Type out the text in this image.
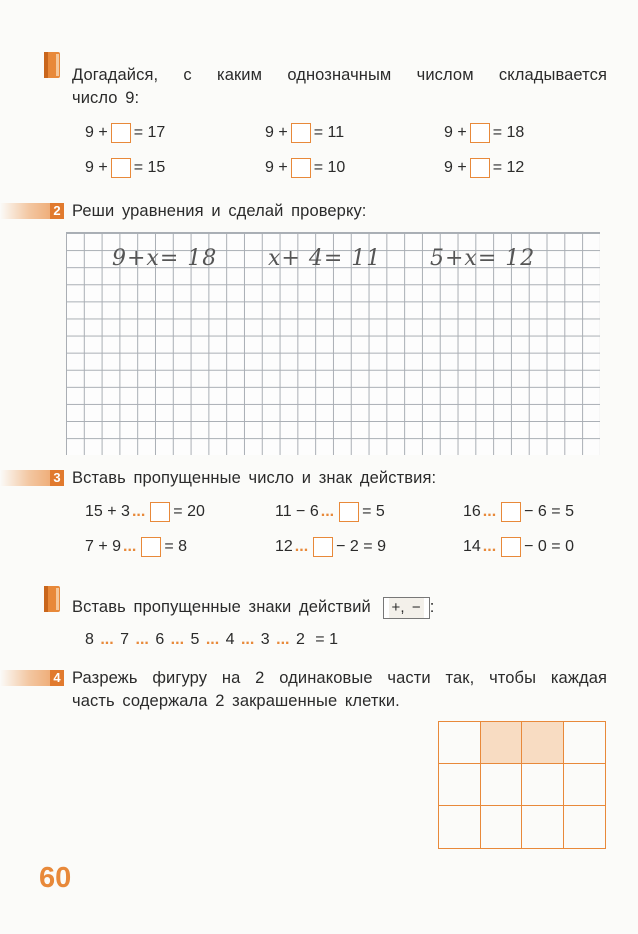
Догадайся, с каким однозначным числом складывается
число 9:
9 + = 17	9 + = 11	9 + = 18
9 + = 15	9 + = 10	9 + = 12
2 Реши уравнения и сделай проверку:
9+x= 18 x+ 4= 11 5+x= 12
3 Вставь пропущенные число и знак действия:
15 + 3 ... = 20	11 − 6 ... = 5	16 ... − 6 = 5
7 + 9 ... = 8	12 ... − 2 = 9	14 ... − 0 = 0
Вставь пропущенные знаки действий +, − :
8 ... 7 ... 6 ... 5 ... 4 ... 3 ... 2 = 1
4 Разрежь фигуру на 2 одинаковые части так, чтобы каждая
часть содержала 2 закрашенные клетки.
60
